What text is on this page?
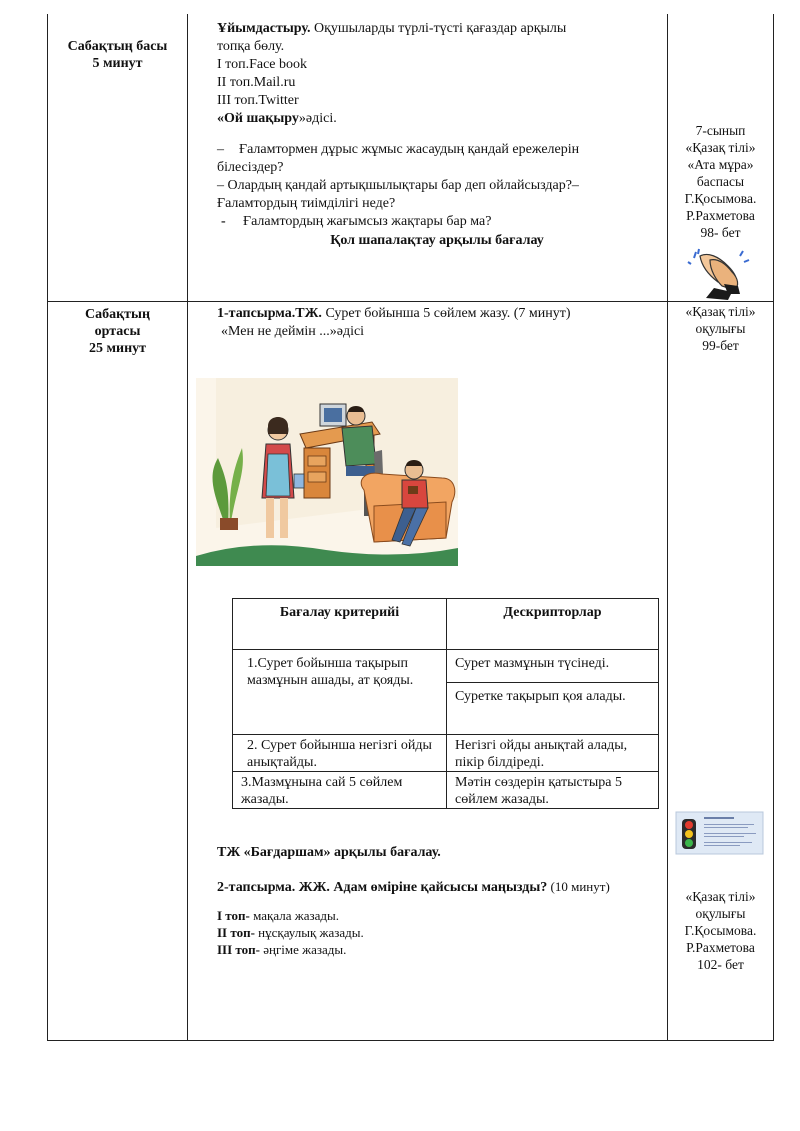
Сабақтың басы
5 минут

Ұйымдастыру. Оқушыларды түрлі-түсті қағаздар арқылы

топқа бөлу.

І топ.Face book

ІІ топ.Mail.ru

ІІІ топ.Twitter

«Ой шақыру»әдісі.

– Ғаламтормен дұрыс жұмыс жасаудың қандай ережелерін

білесіздер?

– Олардың қандай артықшылықтары бар деп ойлайсыздар?–

Ғаламтордың тиімділігі неде?

- Ғаламтордың жағымсыз жақтары бар ма?

Қол шапалақтау арқылы бағалау

7-сынып
«Қазақ тілі»
«Ата мұра»
баспасы
Г.Қосымова.
Р.Рахметова
98- бет
Сабақтың
ортасы
25 минут

1-тапсырма.ТЖ. Сурет бойынша 5 сөйлем жазу. (7 минут)

«Мен не деймін ...»әдісі

Бағалау критерийі	Дескрипторлар
1.Сурет бойынша тақырып мазмұнын ашады, ат қояды.
Сурет мазмұнын түсінеді.
Суретке тақырып қоя алады.
2. Сурет бойынша негізгі ойды анықтайды.
Негізгі ойды анықтай алады, пікір білдіреді.
3.Мазмұнына сай 5 сөйлем жазады.
Мәтін сөздерін қатыстыра 5 сөйлем жазады.

ТЖ «Бағдаршам» арқылы бағалау.

2-тапсырма. ЖЖ. Адам өміріне қайсысы маңызды? (10 минут)

І топ- мақала жазады.

ІІ топ- нұсқаулық жазады.

ІІІ топ- әңгіме жазады.

«Қазақ тілі»
оқулығы
99-бет
«Қазақ тілі»
оқулығы
Г.Қосымова.
Р.Рахметова
102- бет
